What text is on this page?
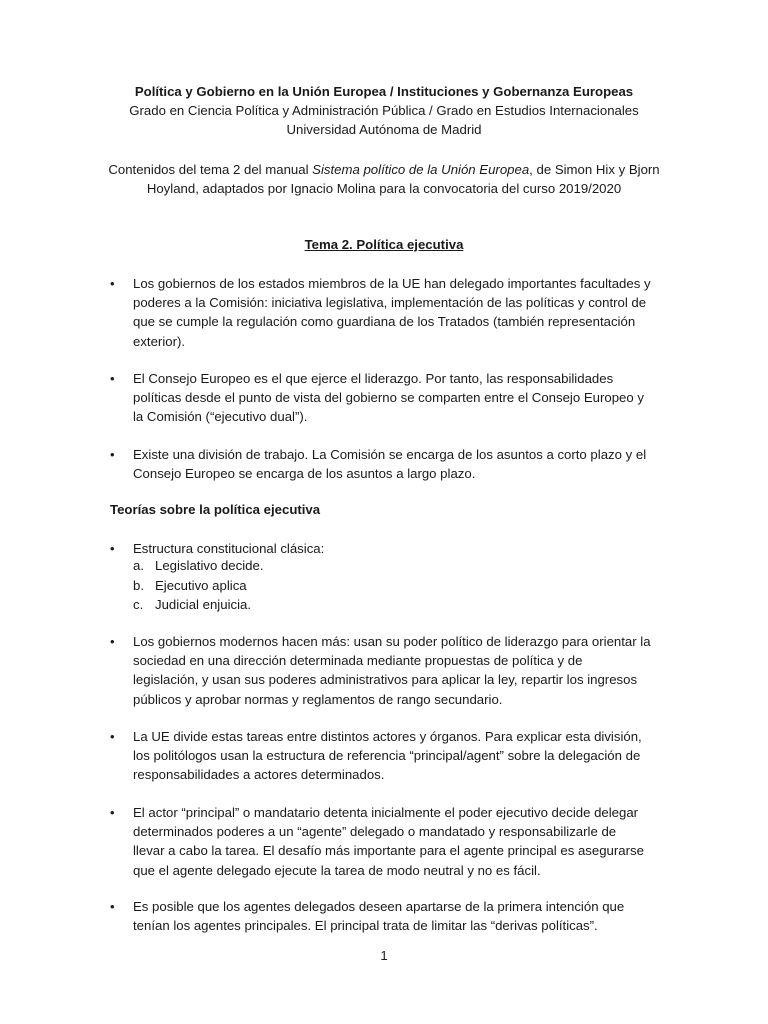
Política y Gobierno en la Unión Europea / Instituciones y Gobernanza Europeas
Grado en Ciencia Política y Administración Pública / Grado en Estudios Internacionales
Universidad Autónoma de Madrid
Contenidos del tema 2 del manual Sistema político de la Unión Europea, de Simon Hix y Bjorn Hoyland, adaptados por Ignacio Molina para la convocatoria del curso 2019/2020
Tema 2. Política ejecutiva
•	Los gobiernos de los estados miembros de la UE han delegado importantes facultades y poderes a la Comisión: iniciativa legislativa, implementación de las políticas y control de que se cumple la regulación como guardiana de los Tratados (también representación exterior).
•	El Consejo Europeo es el que ejerce el liderazgo. Por tanto, las responsabilidades políticas desde el punto de vista del gobierno se comparten entre el Consejo Europeo y la Comisión (“ejecutivo dual”).
•	Existe una división de trabajo. La Comisión se encarga de los asuntos a corto plazo y el Consejo Europeo se encarga de los asuntos a largo plazo.
Teorías sobre la política ejecutiva
•	Estructura constitucional clásica:
a. Legislativo decide.
b. Ejecutivo aplica
c. Judicial enjuicia.
•	Los gobiernos modernos hacen más: usan su poder político de liderazgo para orientar la sociedad en una dirección determinada mediante propuestas de política y de legislación, y usan sus poderes administrativos para aplicar la ley, repartir los ingresos públicos y aprobar normas y reglamentos de rango secundario.
•	La UE divide estas tareas entre distintos actores y órganos. Para explicar esta división, los politólogos usan la estructura de referencia “principal/agent” sobre la delegación de responsabilidades a actores determinados.
•	El actor “principal” o mandatario detenta inicialmente el poder ejecutivo decide delegar determinados poderes a un “agente” delegado o mandatado y responsabilizarle de llevar a cabo la tarea. El desafío más importante para el agente principal es asegurarse que el agente delegado ejecute la tarea de modo neutral y no es fácil.
•	Es posible que los agentes delegados deseen apartarse de la primera intención que tenían los agentes principales. El principal trata de limitar las “derivas políticas”.
1
